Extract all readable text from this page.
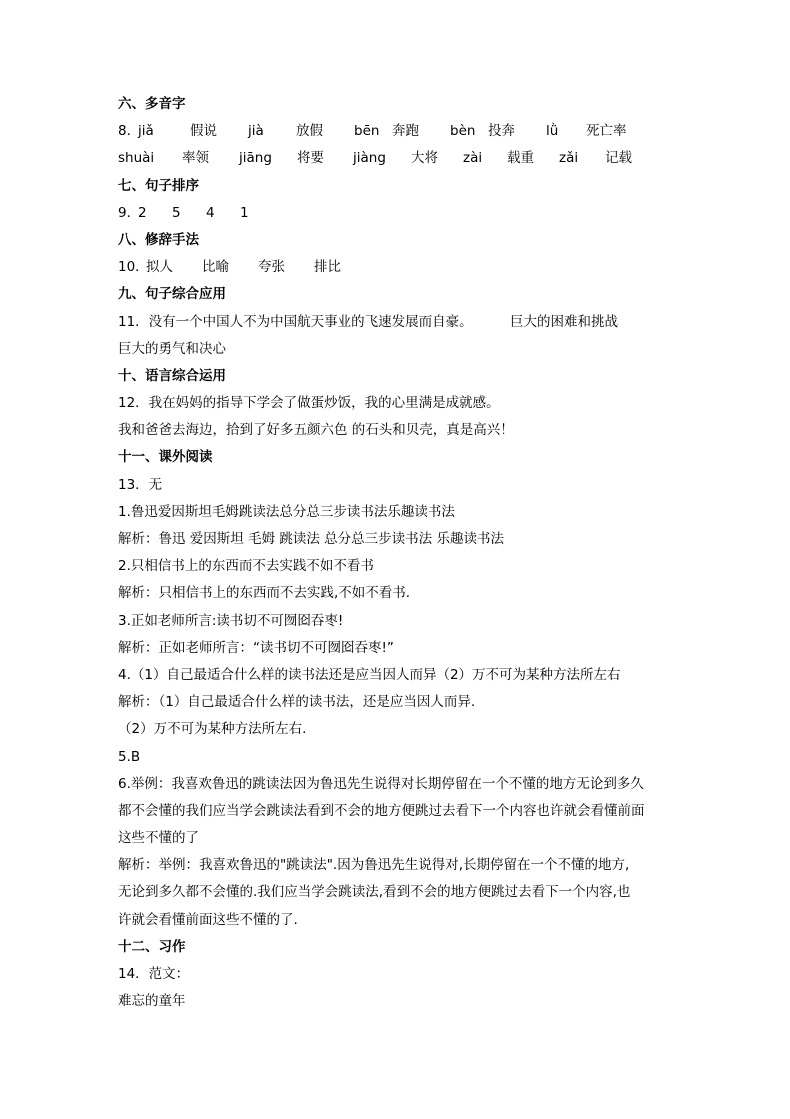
六、多音字
8．jiǎ	假说 jià 放假 bēn 奔跑 bèn 投奔 lǜ 死亡率
shuài 率领 jiāng 将要 jiàng 大将 zài 载重 zǎi 记载
七、句子排序
9．2 5 4 1
八、修辞手法
10．拟人 比喻 夸张 排比
九、句子综合应用
11．没有一个中国人不为中国航天事业的飞速发展而自豪。	巨大的困难和挑战
巨大的勇气和决心
十、语言综合运用
12．我在妈妈的指导下学会了做蛋炒饭，我的心里满是成就感。
我和爸爸去海边，拾到了好多五颜六色 的石头和贝壳，真是高兴！
十一、课外阅读
13．无
1.鲁迅爱因斯坦毛姆跳读法总分总三步读书法乐趣读书法
解析：鲁迅 爱因斯坦 毛姆 跳读法 总分总三步读书法 乐趣读书法
2.只相信书上的东西而不去实践不如不看书
解析：只相信书上的东西而不去实践,不如不看书.
3.正如老师所言:读书切不可囫囵吞枣!
解析：正如老师所言：“读书切不可囫囵吞枣!”
4.（1）自己最适合什么样的读书法还是应当因人而异（2）万不可为某种方法所左右
解析：（1）自己最适合什么样的读书法，还是应当因人而异.
（2）万不可为某种方法所左右.
5.B
6.举例：我喜欢鲁迅的跳读法因为鲁迅先生说得对长期停留在一个不懂的地方无论到多久
都不会懂的我们应当学会跳读法看到不会的地方便跳过去看下一个内容也许就会看懂前面
这些不懂的了
解析：举例：我喜欢鲁迅的"跳读法".因为鲁迅先生说得对,长期停留在一个不懂的地方,
无论到多久都不会懂的.我们应当学会跳读法,看到不会的地方便跳过去看下一个内容,也
许就会看懂前面这些不懂的了.
十二、习作
14．范文：
难忘的童年
